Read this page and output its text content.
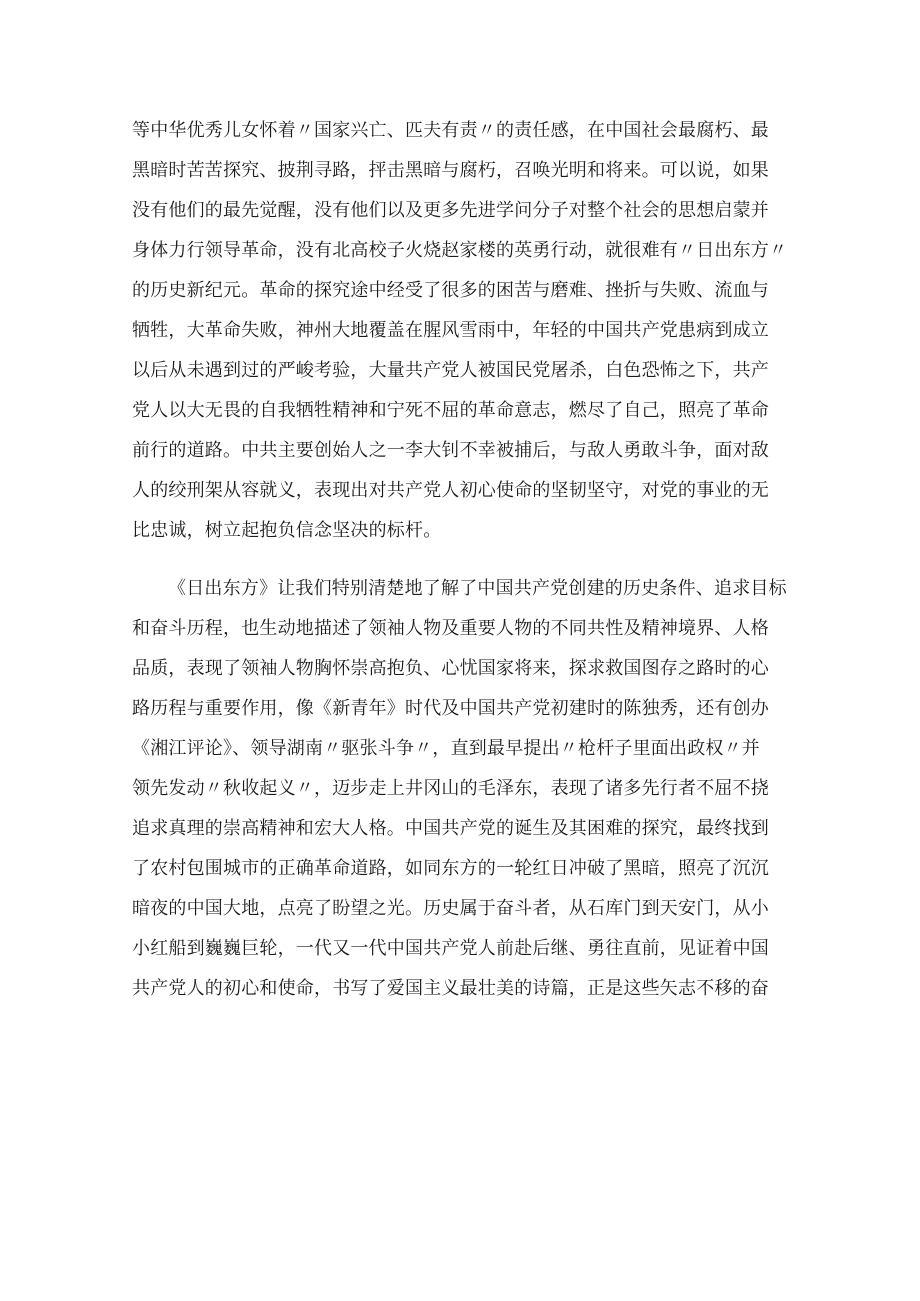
等中华优秀儿女怀着〃国家兴亡、匹夫有责〃的责任感，在中国社会最腐朽、最
黑暗时苦苦探究、披荆寻路，抨击黑暗与腐朽，召唤光明和将来。可以说，如果
没有他们的最先觉醒，没有他们以及更多先进学问分子对整个社会的思想启蒙并
身体力行领导革命，没有北高校子火烧赵家楼的英勇行动，就很难有〃日出东方〃
的历史新纪元。革命的探究途中经受了很多的困苦与磨难、挫折与失败、流血与
牺牲，大革命失败，神州大地覆盖在腥风雪雨中，年轻的中国共产党患病到成立
以后从未遇到过的严峻考验，大量共产党人被国民党屠杀，白色恐怖之下，共产
党人以大无畏的自我牺牲精神和宁死不屈的革命意志，燃尽了自己，照亮了革命
前行的道路。中共主要创始人之一李大钊不幸被捕后，与敌人勇敢斗争，面对敌
人的绞刑架从容就义，表现出对共产党人初心使命的坚韧坚守，对党的事业的无
比忠诚，树立起抱负信念坚决的标杆。
《日出东方》让我们特别清楚地了解了中国共产党创建的历史条件、追求目标
和奋斗历程，也生动地描述了领袖人物及重要人物的不同共性及精神境界、人格
品质，表现了领袖人物胸怀崇高抱负、心忧国家将来，探求救国图存之路时的心
路历程与重要作用，像《新青年》时代及中国共产党初建时的陈独秀，还有创办
《湘江评论》、领导湖南〃驱张斗争〃，直到最早提出〃枪杆子里面出政权〃并
领先发动〃秋收起义〃，迈步走上井冈山的毛泽东，表现了诸多先行者不屈不挠
追求真理的崇高精神和宏大人格。中国共产党的诞生及其困难的探究，最终找到
了农村包围城市的正确革命道路，如同东方的一轮红日冲破了黑暗，照亮了沉沉
暗夜的中国大地，点亮了盼望之光。历史属于奋斗者，从石库门到天安门，从小
小红船到巍巍巨轮，一代又一代中国共产党人前赴后继、勇往直前，见证着中国
共产党人的初心和使命，书写了爱国主义最壮美的诗篇，正是这些矢志不移的奋
